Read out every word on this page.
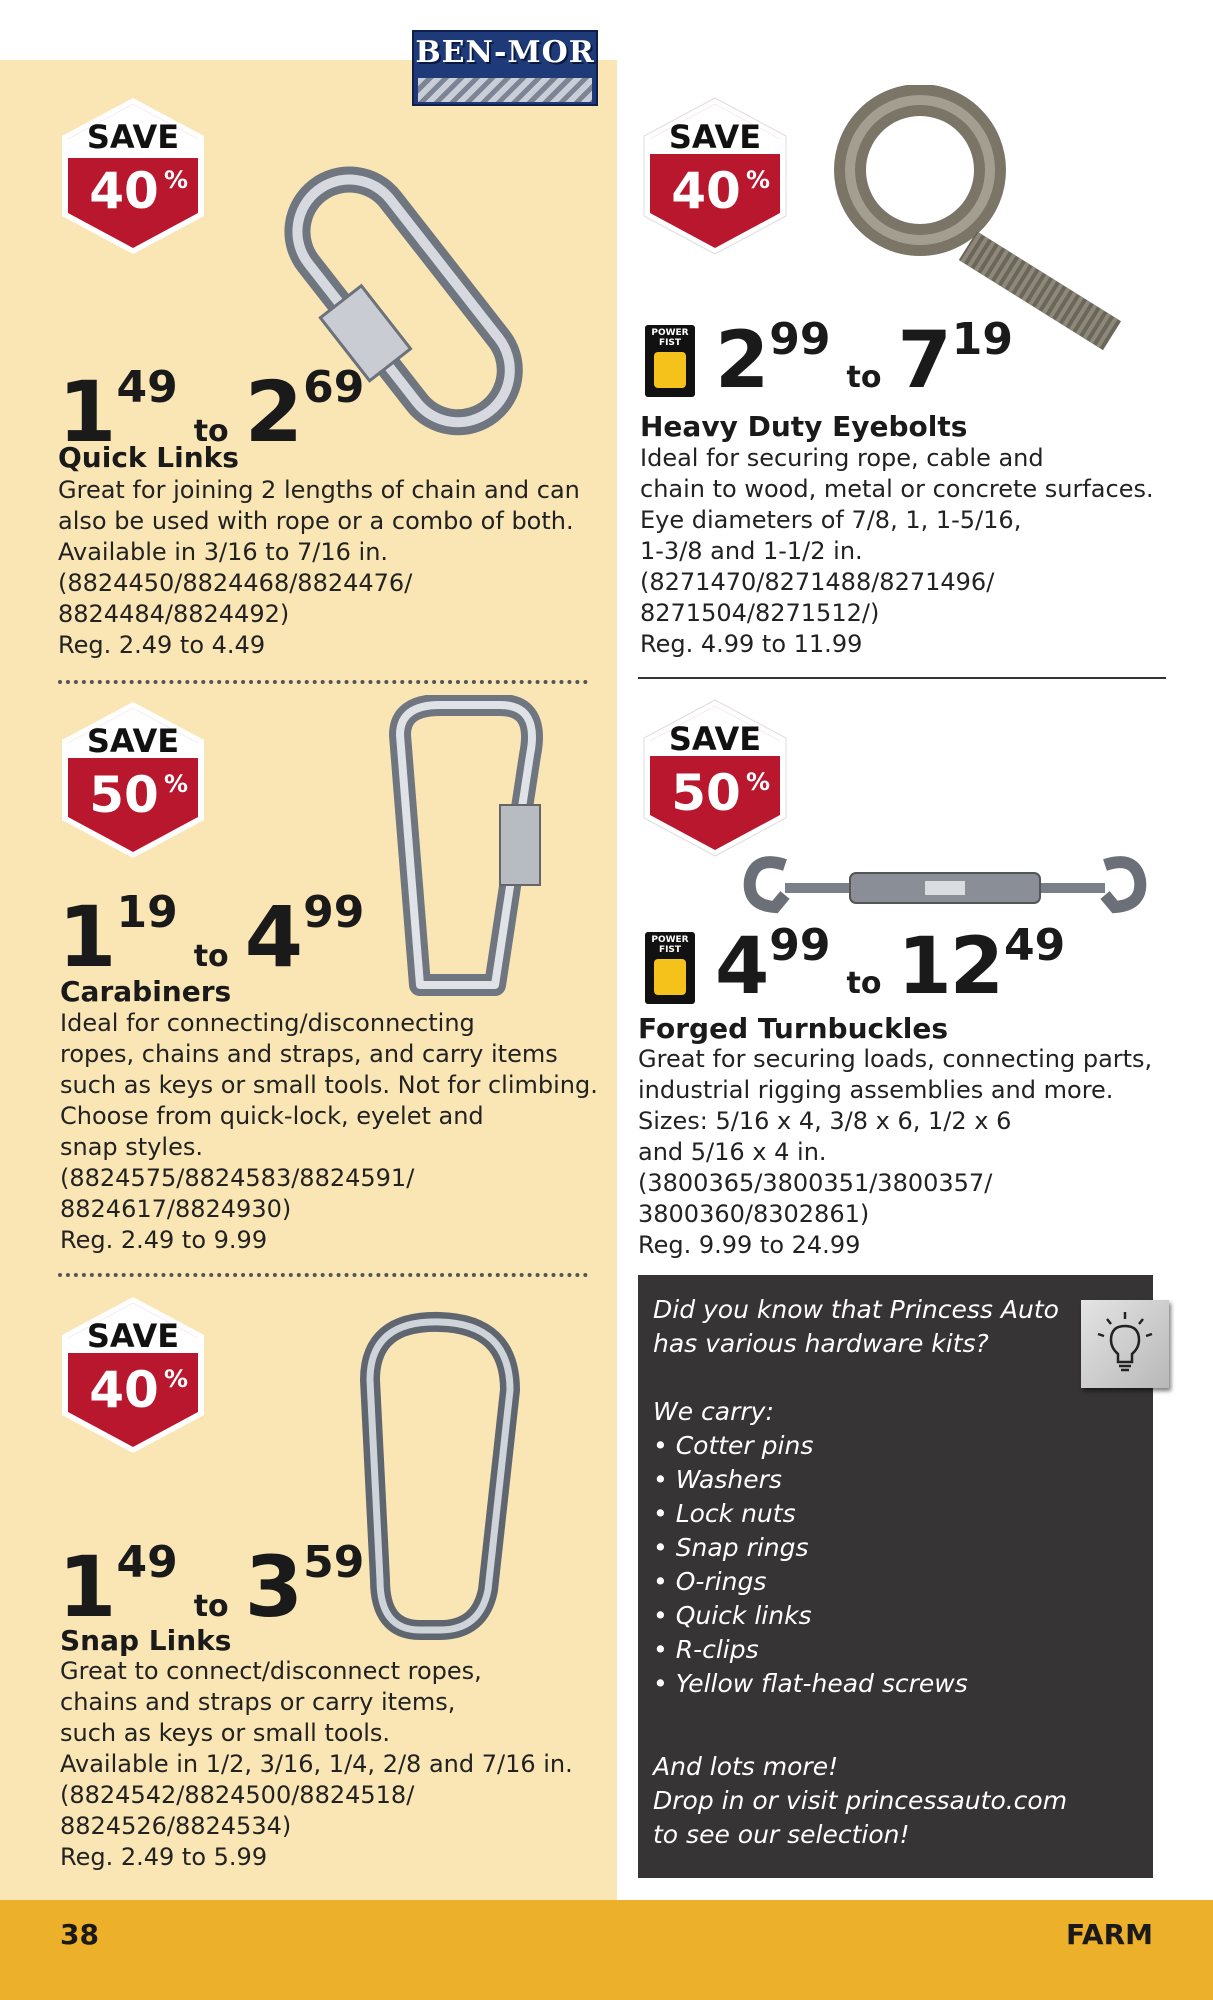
38	FARM
BEN-MOR
SAVE
40 %
$1^{49}to$ $2^{69}$
Quick Links
Great for joining 2 lengths of chain and can
also be used with rope or a combo of both.
Available in 3/16 to 7/16 in.
(8824450/8824468/8824476/
8824484/8824492)
Reg. 2.49 to 4.49
SAVE
50 %
$1^{19}to$ $4^{99}$
Carabiners
Ideal for connecting/disconnecting
ropes, chains and straps, and carry items
such as keys or small tools. Not for climbing.
Choose from quick-lock, eyelet and
snap styles.
(8824575/8824583/8824591/
8824617/8824930)
Reg. 2.49 to 9.99
SAVE
40 %
$1^{49}to$ $3^{59}$
Snap Links
Great to connect/disconnect ropes,
chains and straps or carry items,
such as keys or small tools.
Available in 1/2, 3/16, 1/4, 2/8 and 7/16 in.
(8824542/8824500/8824518/
8824526/8824534)
Reg. 2.49 to 5.99
SAVE
40 %
POWER FIST $2^{99}to$ $7^{19}$
Heavy Duty Eyebolts
Ideal for securing rope, cable and
chain to wood, metal or concrete surfaces.
Eye diameters of 7/8, 1, 1-5/16,
1-3/8 and 1-1/2 in.
(8271470/8271488/8271496/
8271504/8271512/)
Reg. 4.99 to 11.99
SAVE
50 %
POWER FIST $4^{99}to$ $12^{49}$
Forged Turnbuckles
Great for securing loads, connecting parts,
industrial rigging assemblies and more.
Sizes: 5/16 x 4, 3/8 x 6, 1/2 x 6
and 5/16 x 4 in.
(3800365/3800351/3800357/
3800360/8302861)
Reg. 9.99 to 24.99
Did you know that Princess Auto
has various hardware kits?
We carry:
• Cotter pins
• Washers
• Lock nuts
• Snap rings
• O-rings
• Quick links
• R-clips
• Yellow flat-head screws
And lots more!
Drop in or visit princessauto.com
to see our selection!
